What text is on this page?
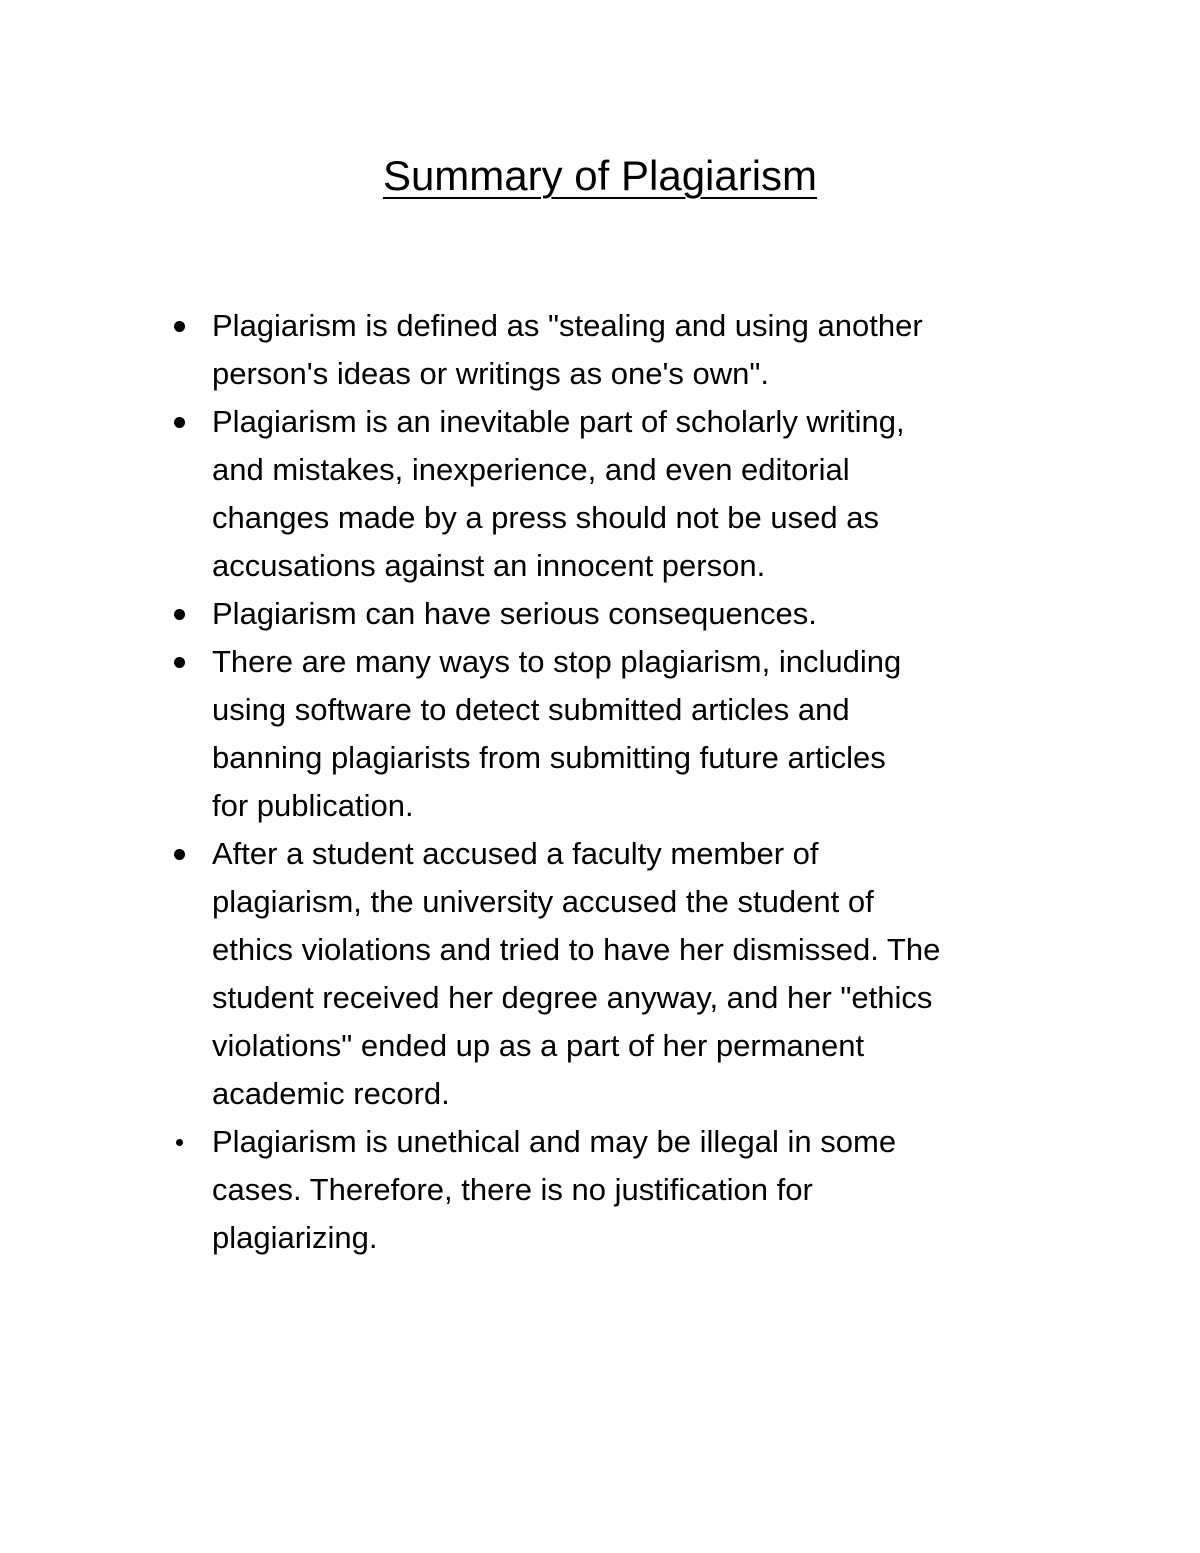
Summary of Plagiarism
Plagiarism is defined as "stealing and using another
person's ideas or writings as one's own".
Plagiarism is an inevitable part of scholarly writing,
and mistakes, inexperience, and even editorial
changes made by a press should not be used as
accusations against an innocent person.
Plagiarism can have serious consequences.
There are many ways to stop plagiarism, including
using software to detect submitted articles and
banning plagiarists from submitting future articles
for publication.
After a student accused a faculty member of
plagiarism, the university accused the student of
ethics violations and tried to have her dismissed. The
student received her degree anyway, and her "ethics
violations" ended up as a part of her permanent
academic record.
Plagiarism is unethical and may be illegal in some
cases. Therefore, there is no justification for
plagiarizing.
